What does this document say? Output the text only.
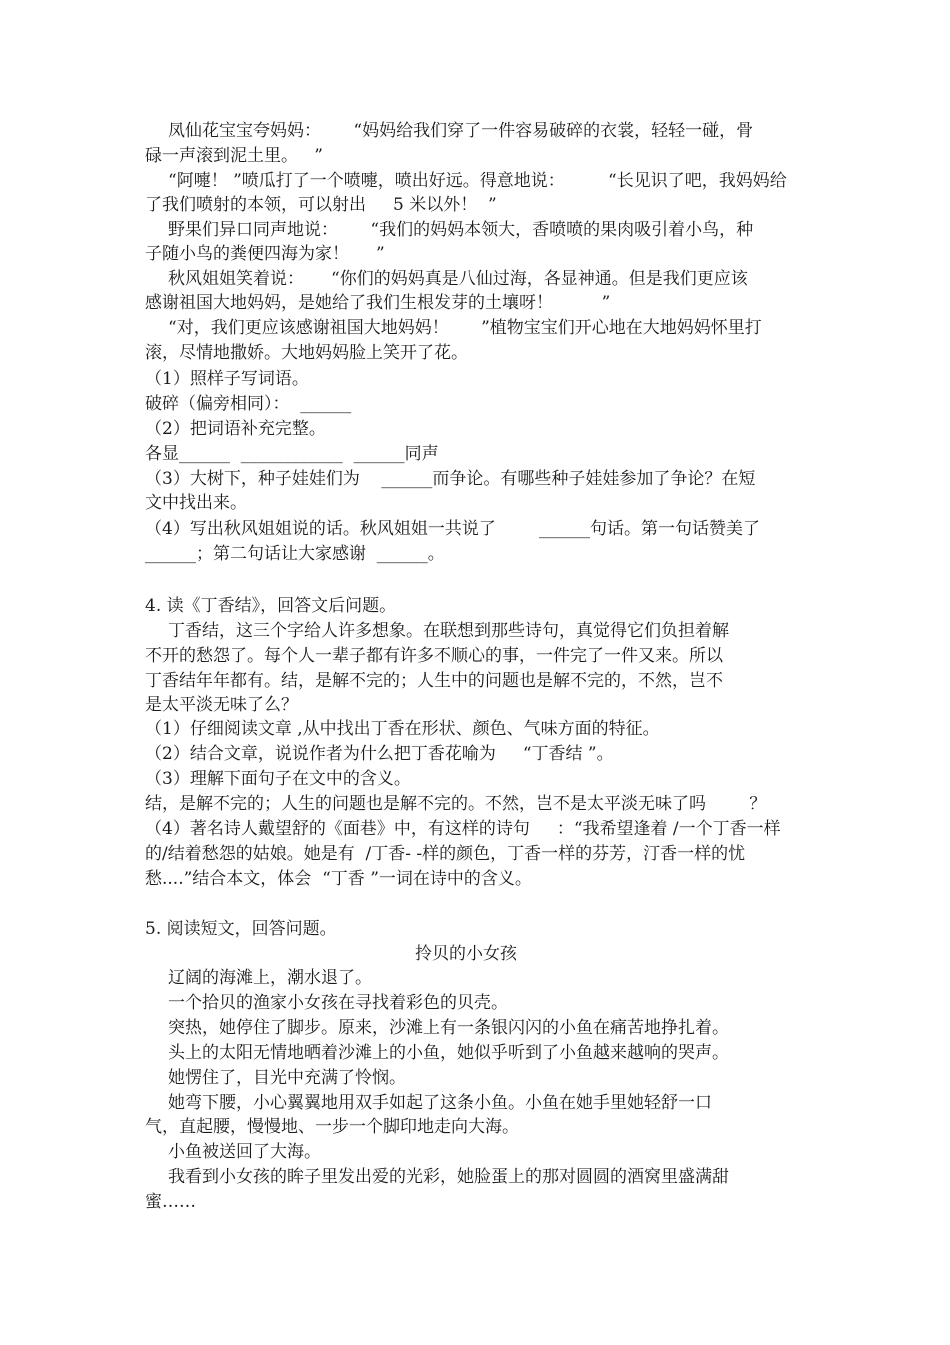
凤仙花宝宝夸妈妈：      “妈妈给我们穿了一件容易破碎的衣裳，轻轻一碰，骨
碌一声滚到泥土里。   ”
“阿嚏！ ”喷瓜打了一个喷嚏，喷出好远。得意地说：        “长见识了吧，我妈妈给
了我们喷射的本领，可以射出     5 米以外！  ”
野果们异口同声地说：      “我们的妈妈本领大，香喷喷的果肉吸引着小鸟，种
子随小鸟的粪便四海为家！     ”
秋风姐姐笑着说：     “你们的妈妈真是八仙过海，各显神通。但是我们更应该
感谢祖国大地妈妈，是她给了我们生根发芽的土壤呀！         ”
“对，我们更应该感谢祖国大地妈妈！      ”植物宝宝们开心地在大地妈妈怀里打
滚，尽情地撒娇。大地妈妈脸上笑开了花。
（1）照样子写词语。
破碎（偏旁相同）：  ______
（2）把词语补充完整。
各显______  ____________  ______同声
（3）大树下，种子娃娃们为    ______而争论。有哪些种子娃娃参加了争论？在短
文中找出来。
（4）写出秋风姐姐说的话。秋风姐姐一共说了        ______句话。第一句话赞美了
______；第二句话让大家感谢  ______。
4. 读《丁香结》，回答文后问题。
丁香结，这三个字给人许多想象。在联想到那些诗句，真觉得它们负担着解
不开的愁怨了。每个人一辈子都有许多不顺心的事，一件完了一件又来。所以
丁香结年年都有。结，是解不完的；人生中的问题也是解不完的，不然，岂不
是太平淡无味了么？
（1）仔细阅读文章 ,从中找出丁香在形状、颜色、气味方面的特征。
（2）结合文章，说说作者为什么把丁香花喻为     “丁香结 ”。
（3）理解下面句子在文中的含义。
结，是解不完的；人生的问题也是解不完的。不然，岂不是太平淡无味了吗        ？
（4）著名诗人戴望舒的《面巷》中，有这样的诗句     ：“我希望逢着 /一个丁香一样
的/结着愁怨的姑娘。她是有  /丁香- -样的颜色，丁香一样的芬芳，汀香一样的忧
愁....”结合本文，体会  “丁香 ”一词在诗中的含义。
5. 阅读短文，回答问题。
拎贝的小女孩
辽阔的海滩上，潮水退了。
一个拾贝的渔家小女孩在寻找着彩色的贝壳。
突热，她停住了脚步。原来，沙滩上有一条银闪闪的小鱼在痛苦地挣扎着。
头上的太阳无情地晒着沙滩上的小鱼，她似乎听到了小鱼越来越响的哭声。
她愣住了，目光中充满了怜悯。
她弯下腰，小心翼翼地用双手如起了这条小鱼。小鱼在她手里她轻舒一口
气，直起腰，慢慢地、一步一个脚印地走向大海。
小鱼被送回了大海。
我看到小女孩的眸子里发出爱的光彩，她脸蛋上的那对圆圆的酒窝里盛满甜
蜜……
